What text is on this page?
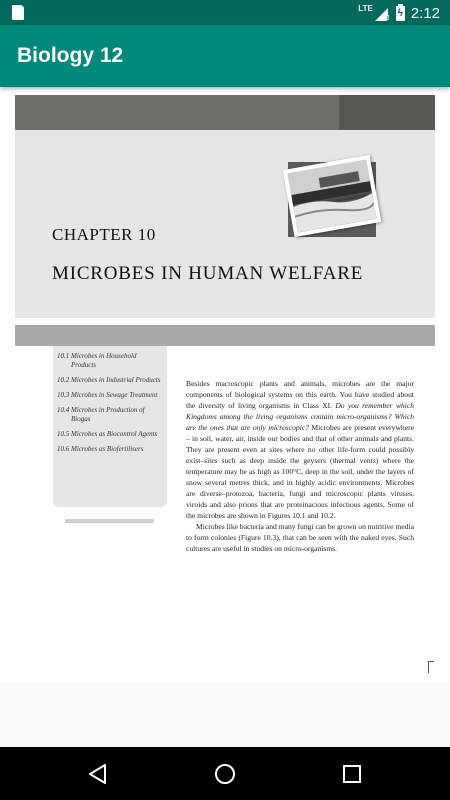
LTE
! ϟ 2:12
Biology 12
CHAPTER 10
MICROBES IN HUMAN WELFARE
10.1 Microbes in Household Products
10.2 Microbes in Industrial Products
10.3 Microbes in Sewage Treatment
10.4 Microbes in Production of Biogas
10.5 Microbes as Biocontrol Agents
10.6 Microbes as Biofertilisers

Besides macroscopic plants and animals, microbes are the major components of biological systems on this earth. You have studied about the diversity of living organisms in Class XI. Do you remember which Kingdoms among the living organisms contain micro-organisms? Which are the ones that are only microscopic? Microbes are present everywhere – in soil, water, air, inside our bodies and that of other animals and plants. They are present even at sites where no other life-form could possibly exist–sites such as deep inside the geysers (thermal vents) where the temperature may be as high as 100°C, deep in the soil, under the layers of snow several metres thick, and in highly acidic environments. Microbes are diverse–protozoa, bacteria, fungi and microscopic plants viruses, viroids and also prions that are proteinacious infectious agents. Some of the microbes are shown in Figures 10.1 and 10.2.

Microbes like bacteria and many fungi can be grown on nutritive media to form colonies (Figure 10.3), that can be seen with the naked eyes. Such cultures are useful in studies on micro-organisms.
